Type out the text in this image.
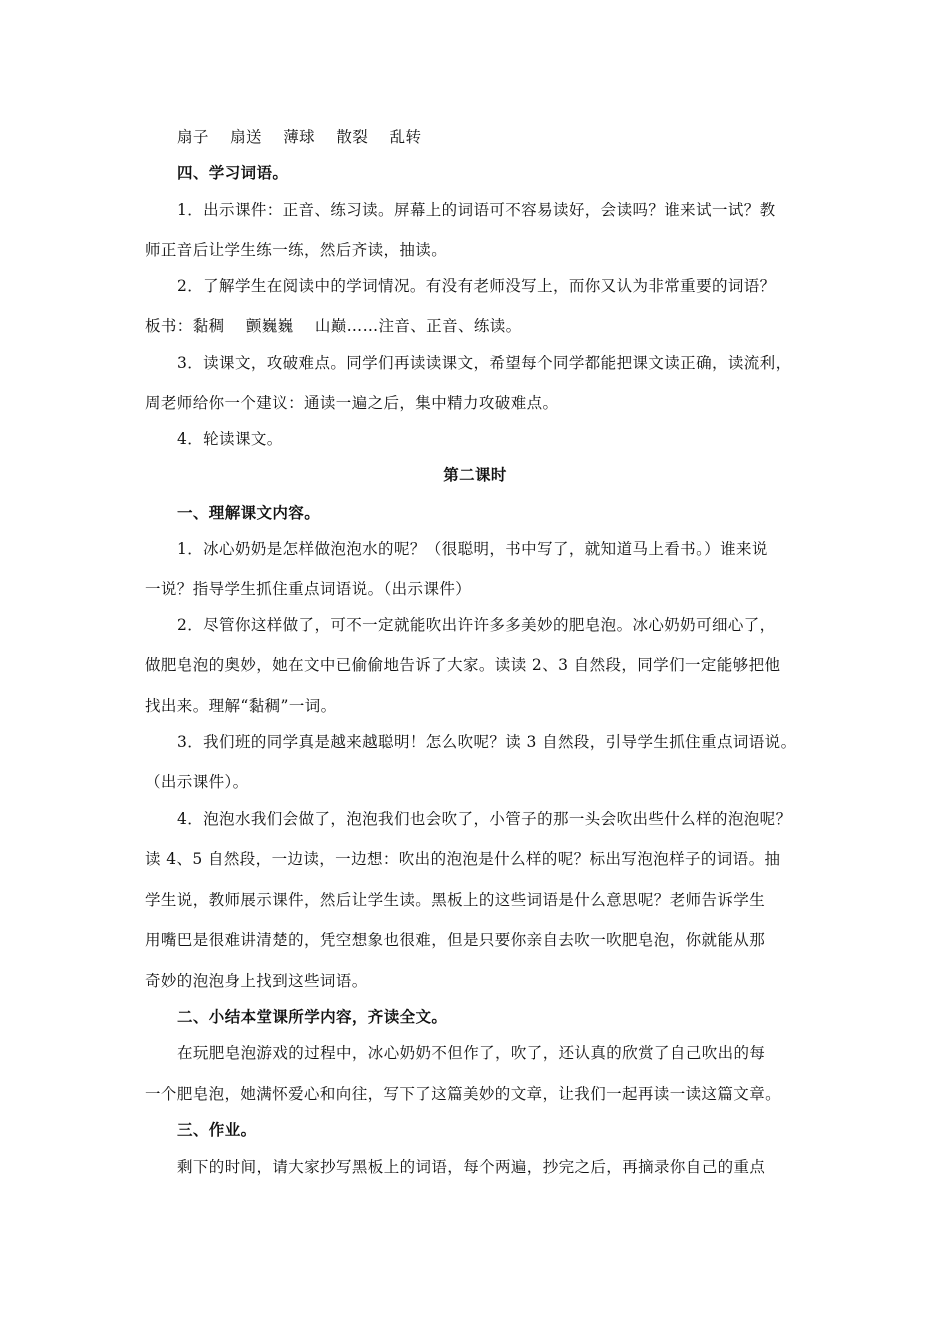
扇子 扇送 薄球 散裂 乱转
四、学习词语。
1．出示课件：正音、练习读。屏幕上的词语可不容易读好，会读吗？谁来试一试？教
师正音后让学生练一练，然后齐读，抽读。
2．了解学生在阅读中的学词情况。有没有老师没写上，而你又认为非常重要的词语？
板书：黏稠 颤巍巍 山巅……注音、正音、练读。
3．读课文，攻破难点。同学们再读读课文，希望每个同学都能把课文读正确，读流利，
周老师给你一个建议：通读一遍之后，集中精力攻破难点。
4．轮读课文。
第二课时
一、理解课文内容。
1．冰心奶奶是怎样做泡泡水的呢？（很聪明，书中写了，就知道马上看书。）谁来说
一说？指导学生抓住重点词语说。（出示课件）
2．尽管你这样做了，可不一定就能吹出许许多多美妙的肥皂泡。冰心奶奶可细心了，
做肥皂泡的奥妙，她在文中已偷偷地告诉了大家。读读 2、3 自然段，同学们一定能够把他
找出来。理解“黏稠”一词。
3．我们班的同学真是越来越聪明！怎么吹呢？读 3 自然段，引导学生抓住重点词语说。
（出示课件）。
4．泡泡水我们会做了，泡泡我们也会吹了，小管子的那一头会吹出些什么样的泡泡呢？
读 4、5 自然段，一边读，一边想：吹出的泡泡是什么样的呢？标出写泡泡样子的词语。抽
学生说，教师展示课件，然后让学生读。黑板上的这些词语是什么意思呢？老师告诉学生
用嘴巴是很难讲清楚的，凭空想象也很难，但是只要你亲自去吹一吹肥皂泡，你就能从那
奇妙的泡泡身上找到这些词语。
二、小结本堂课所学内容，齐读全文。
在玩肥皂泡游戏的过程中，冰心奶奶不但作了，吹了，还认真的欣赏了自己吹出的每
一个肥皂泡，她满怀爱心和向往，写下了这篇美妙的文章，让我们一起再读一读这篇文章。
三、作业。
剩下的时间，请大家抄写黑板上的词语，每个两遍，抄完之后，再摘录你自己的重点
